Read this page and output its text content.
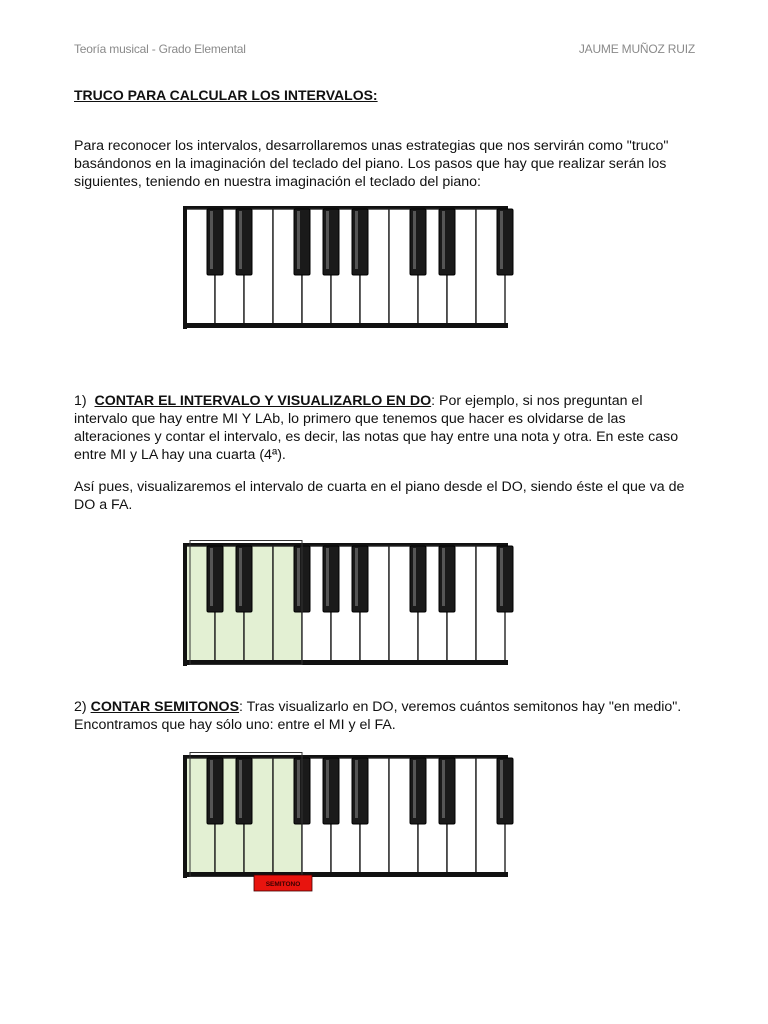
Teoría musical - Grado Elemental	JAUME MUÑOZ RUIZ
TRUCO PARA CALCULAR LOS INTERVALOS:

Para reconocer los intervalos, desarrollaremos unas estrategias que nos servirán como "truco" basándonos en la imaginación del teclado del piano. Los pasos que hay que realizar serán los siguientes, teniendo en nuestra imaginación el teclado del piano:

1) CONTAR EL INTERVALO Y VISUALIZARLO EN DO: Por ejemplo, si nos preguntan el intervalo que hay entre MI Y LAb, lo primero que tenemos que hacer es olvidarse de las alteraciones y contar el intervalo, es decir, las notas que hay entre una nota y otra. En este caso entre MI y LA hay una cuarta (4ª).

Así pues, visualizaremos el intervalo de cuarta en el piano desde el DO, siendo éste el que va de DO a FA.

2) CONTAR SEMITONOS: Tras visualizarlo en DO, veremos cuántos semitonos hay "en medio". Encontramos que hay sólo uno: entre el MI y el FA.

SEMITONO
